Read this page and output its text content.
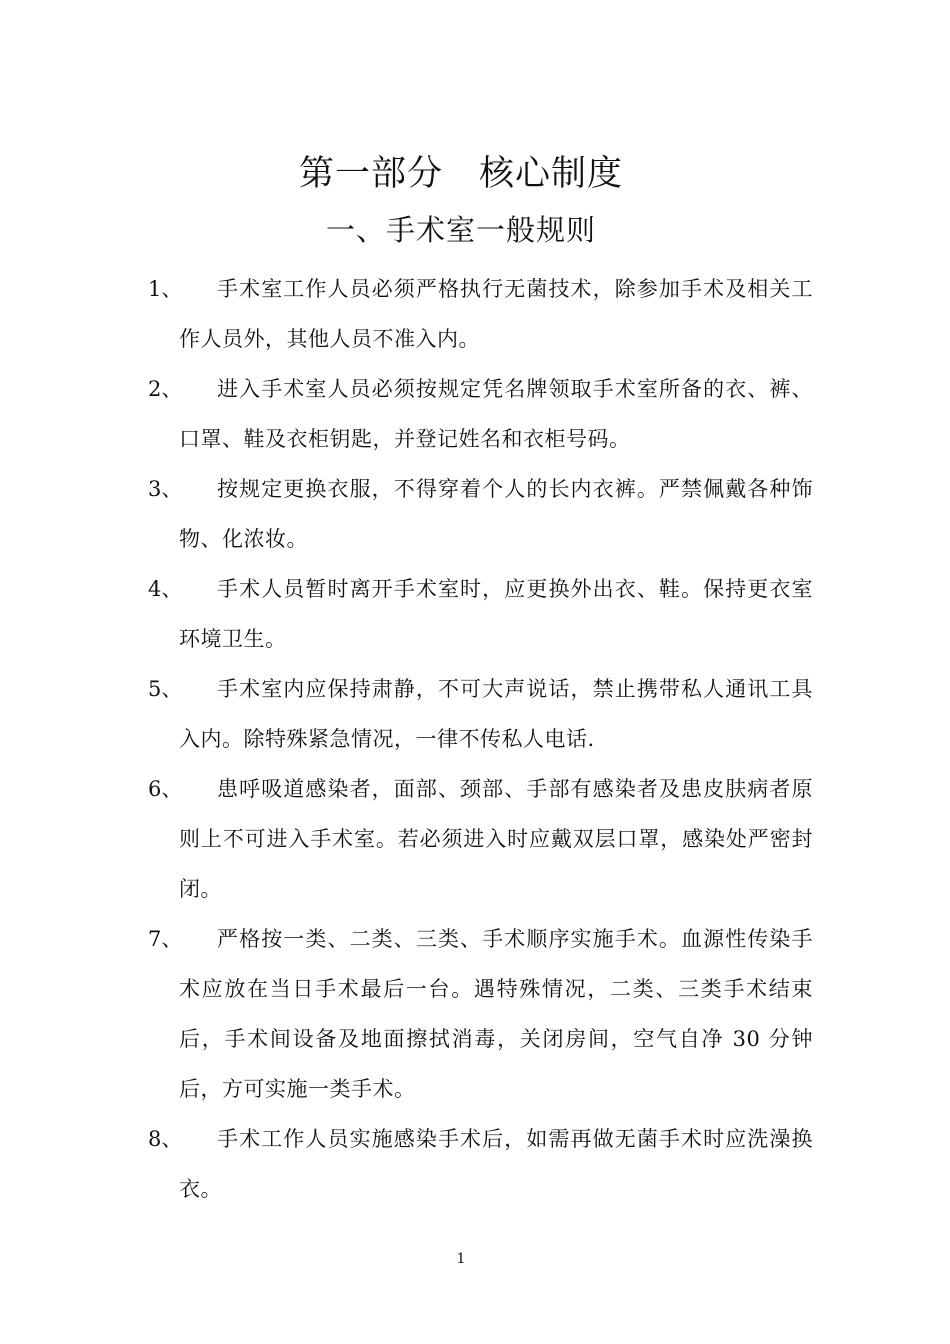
第一部分　核心制度
一、手术室一般规则
1、	手术室工作人员必须严格执行无菌技术，除参加手术及相关工作人员外，其他人员不准入内。
2、	进入手术室人员必须按规定凭名牌领取手术室所备的衣、裤、口罩、鞋及衣柜钥匙，并登记姓名和衣柜号码。
3、	按规定更换衣服，不得穿着个人的长内衣裤。严禁佩戴各种饰物、化浓妆。
4、	手术人员暂时离开手术室时，应更换外出衣、鞋。保持更衣室环境卫生。
5、	手术室内应保持肃静，不可大声说话，禁止携带私人通讯工具入内。除特殊紧急情况，一律不传私人电话.
6、	患呼吸道感染者，面部、颈部、手部有感染者及患皮肤病者原则上不可进入手术室。若必须进入时应戴双层口罩，感染处严密封闭。
7、	严格按一类、二类、三类、手术顺序实施手术。血源性传染手术应放在当日手术最后一台。遇特殊情况，二类、三类手术结束后，手术间设备及地面擦拭消毒，关闭房间，空气自净 30 分钟后，方可实施一类手术。
8、	手术工作人员实施感染手术后，如需再做无菌手术时应洗澡换衣。
1
